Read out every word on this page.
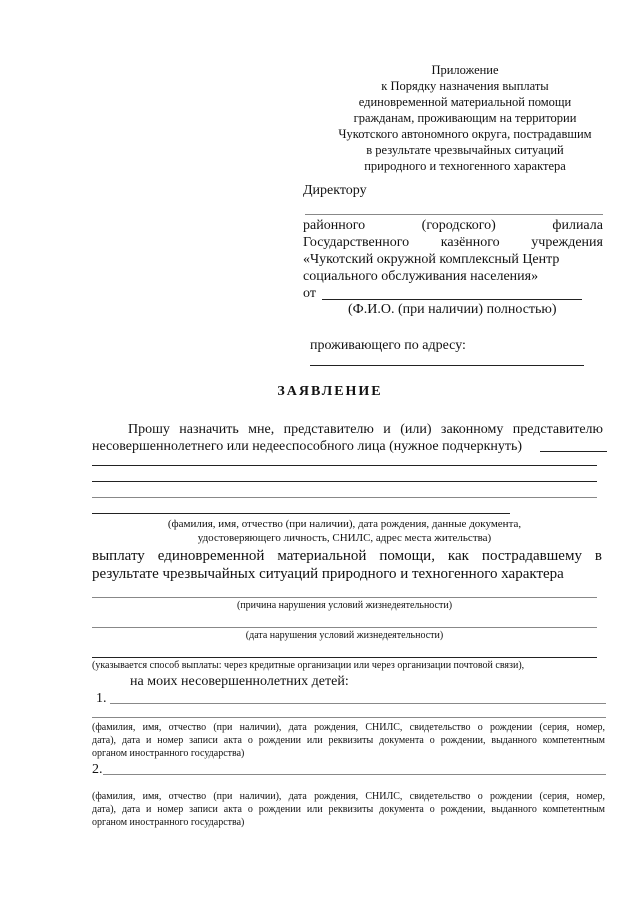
Приложение
к Порядку назначения выплаты
единовременной материальной помощи
гражданам, проживающим на территории
Чукотского автономного округа, пострадавшим
в результате чрезвычайных ситуаций
природного и техногенного характера
Директору
районного	(городского)	филиала
Государственного казённого учреждения
«Чукотский окружной комплексный Центр
социального обслуживания населения»
от
(Ф.И.О. (при наличии) полностью)
проживающего по адресу:
ЗАЯВЛЕНИЕ
Прошу назначить мне, представителю и (или) законному представителю
несовершеннолетнего или недееспособного лица (нужное подчеркнуть)
(фамилия, имя, отчество (при наличии), дата рождения, данные документа,
удостоверяющего личность, СНИЛС, адрес места жительства)
выплату единовременной материальной помощи, как пострадавшему в
результате чрезвычайных ситуаций природного и техногенного характера
(причина нарушения условий жизнедеятельности)
(дата нарушения условий жизнедеятельности)
(указывается способ выплаты: через кредитные организации или через организации почтовой связи),
на моих несовершеннолетних детей:
1.
(фамилия, имя, отчество (при наличии), дата рождения, СНИЛС, свидетельство о рождении (серия, номер,
дата), дата и номер записи акта о рождении или реквизиты документа о рождении, выданного компетентным
органом иностранного государства)
2.
(фамилия, имя, отчество (при наличии), дата рождения, СНИЛС, свидетельство о рождении (серия, номер,
дата), дата и номер записи акта о рождении или реквизиты документа о рождении, выданного компетентным
органом иностранного государства)
